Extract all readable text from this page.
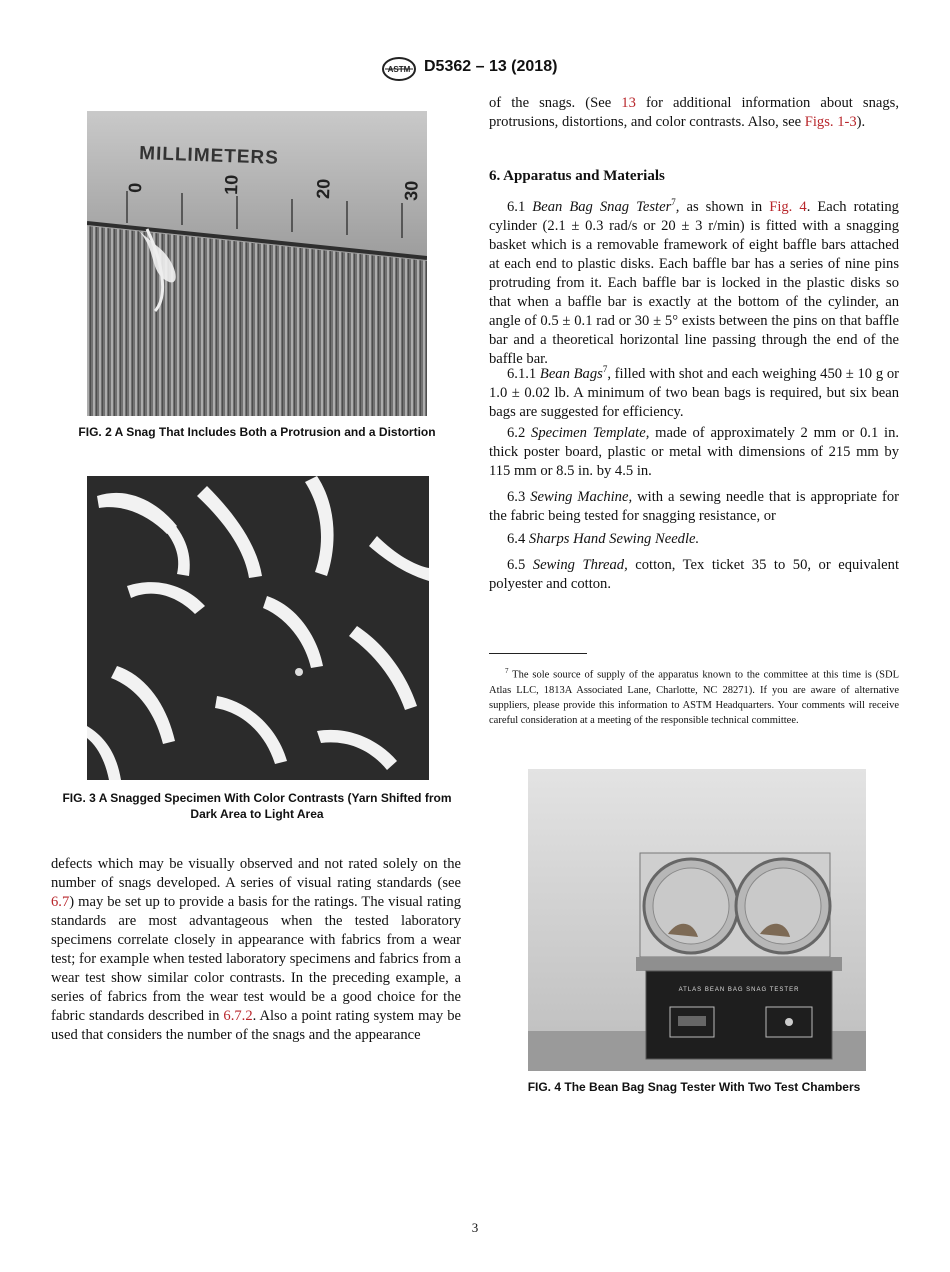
ASTM D5362 – 13 (2018)
MILLIMETERS
0	10	20	30
FIG. 2 A Snag That Includes Both a Protrusion and a Distortion
FIG. 3 A Snagged Specimen With Color Contrasts (Yarn Shifted from Dark Area to Light Area

defects which may be visually observed and not rated solely on the number of snags developed. A series of visual rating standards (see 6.7) may be set up to provide a basis for the ratings. The visual rating standards are most advantageous when the tested laboratory specimens correlate closely in appearance with fabrics from a wear test; for example when tested laboratory specimens and fabrics from a wear test show similar color contrasts. In the preceding example, a series of fabrics from the wear test would be a good choice for the fabric standards described in 6.7.2. Also a point rating system may be used that considers the number of the snags and the appearance

of the snags. (See 13 for additional information about snags, protrusions, distortions, and color contrasts. Also, see Figs. 1-3).

6. Apparatus and Materials

6.1 Bean Bag Snag Tester$^7$, as shown in Fig. 4. Each rotating cylinder (2.1 ± 0.3 rad/s or 20 ± 3 r/min) is fitted with a snagging basket which is a removable framework of eight baffle bars attached at each end to plastic disks. Each baffle bar has a series of nine pins protruding from it. Each baffle bar is locked in the plastic disks so that when a baffle bar is exactly at the bottom of the cylinder, an angle of 0.5 ± 0.1 rad or 30 ± 5° exists between the pins on that baffle bar and a theoretical horizontal line passing through the end of the baffle bar.

6.1.1 Bean Bags$^7$, filled with shot and each weighing 450 ± 10 g or 1.0 ± 0.02 lb. A minimum of two bean bags is required, but six bean bags are suggested for efficiency.

6.2 Specimen Template, made of approximately 2 mm or 0.1 in. thick poster board, plastic or metal with dimensions of 215 mm by 115 mm or 8.5 in. by 4.5 in.

6.3 Sewing Machine, with a sewing needle that is appropriate for the fabric being tested for snagging resistance, or

6.4 Sharps Hand Sewing Needle.

6.5 Sewing Thread, cotton, Tex ticket 35 to 50, or equivalent polyester and cotton.

$^7$ The sole source of supply of the apparatus known to the committee at this time is (SDL Atlas LLC, 1813A Associated Lane, Charlotte, NC 28271). If you are aware of alternative suppliers, please provide this information to ASTM Headquarters. Your comments will receive careful consideration at a meeting of the responsible technical committee.

ATLAS BEAN BAG SNAG TESTER
FIG. 4 The Bean Bag Snag Tester With Two Test Chambers
3
